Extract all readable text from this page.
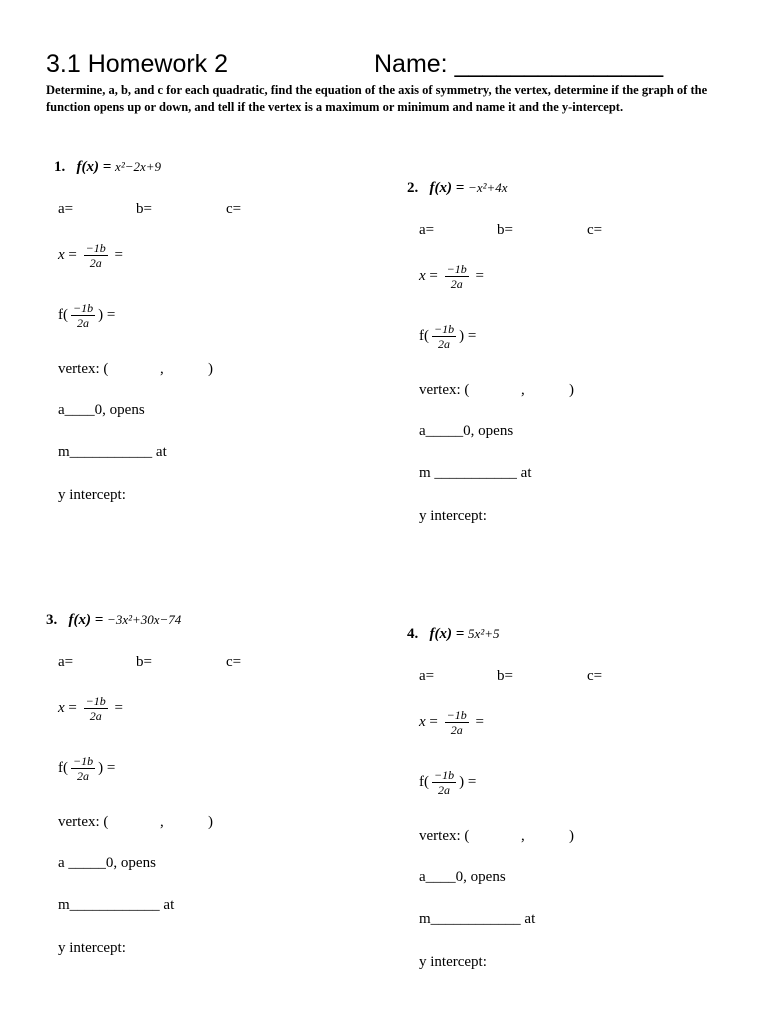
3.1 Homework 2	Name: _______________
Determine, a, b, and c for each quadratic, find the equation of the axis of symmetry, the vertex, determine if the graph of the function opens up or down, and tell if the vertex is a maximum or minimum and name it and the y-intercept.
1. f(x) = x²−2x+9
a=	b=	c=
$x = \frac{-1b}{2a}$ =
$f( \frac{-1b}{2a}$ ) =
vertex: (	,	)
a____0, opens
m___________ at
y intercept:
2. f(x) = −x²+4x
a=	b=	c=
$x = \frac{-1b}{2a}$ =
$f( \frac{-1b}{2a}$ ) =
vertex: (	,	)
a_____0, opens
m ___________ at
y intercept:
3. f(x) = −3x²+30x−74
a=	b=	c=
$x = \frac{-1b}{2a}$ =
$f( \frac{-1b}{2a}$ ) =
vertex: (	,	)
a _____0, opens
m____________ at
y intercept:
4. f(x) = 5x²+5
a=	b=	c=
$x = \frac{-1b}{2a}$ =
$f( \frac{-1b}{2a}$ ) =
vertex: (	,	)
a____0, opens
m____________ at
y intercept:
